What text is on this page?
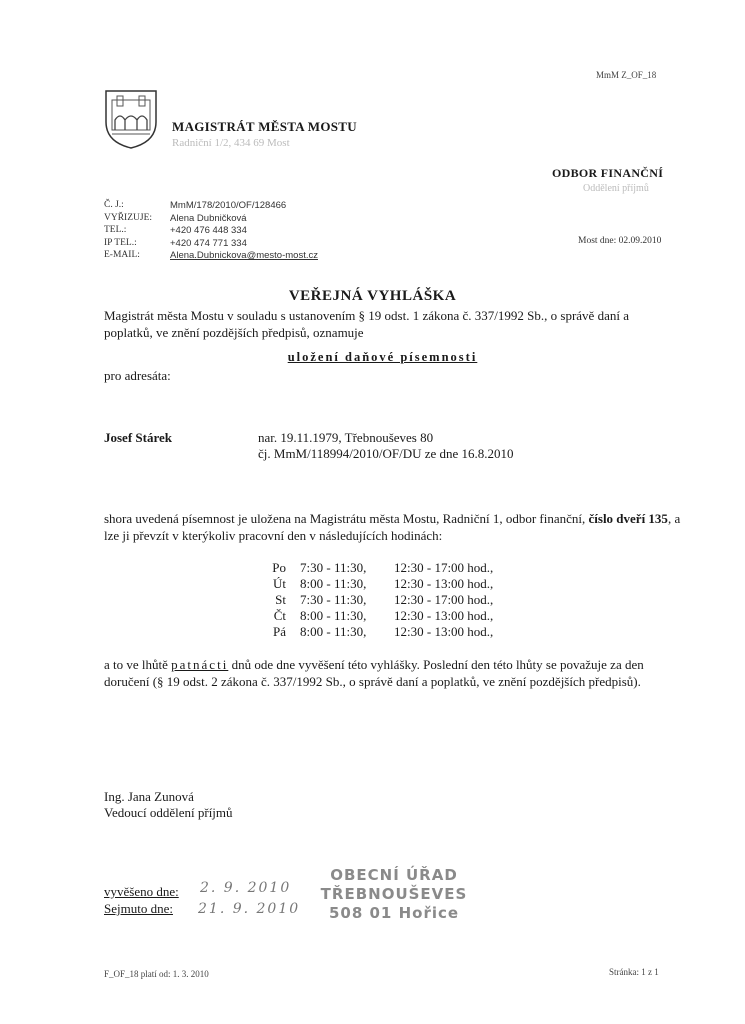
MmM Z_OF_18
MAGISTRÁT MĚSTA MOSTU
Radniční 1/2, 434 69 Most
ODBOR FINANČNÍ
Oddělení příjmů
Č. J.:	MmM/178/2010/OF/128466
VYŘIZUJE: Alena Dubničková
TEL.:	+420 476 448 334
IP TEL.:	+420 474 771 334
E-MAIL:	Alena.Dubnickova@mesto-most.cz
Most dne: 02.09.2010
VEŘEJNÁ VYHLÁŠKA
Magistrát města Mostu v souladu s ustanovením § 19 odst. 1 zákona č. 337/1992 Sb., o správě daní a poplatků, ve znění pozdějších předpisů, oznamuje
uložení daňové písemnosti
pro adresáta:
Josef Stárek	nar. 19.11.1979, Třebnouševes 80
čj. MmM/118994/2010/OF/DU ze dne 16.8.2010
shora uvedená písemnost je uložena na Magistrátu města Mostu, Radniční 1, odbor finanční, číslo dveří 135, a lze ji převzít v kterýkoliv pracovní den v následujících hodinách:
Po 7:30 - 11:30, 12:30 - 17:00 hod.,
Út 8:00 - 11:30, 12:30 - 13:00 hod.,
St 7:30 - 11:30, 12:30 - 17:00 hod.,
Čt 8:00 - 11:30, 12:30 - 13:00 hod.,
Pá 8:00 - 11:30, 12:30 - 13:00 hod.,
a to ve lhůtě patnácti dnů ode dne vyvěšení této vyhlášky. Poslední den této lhůty se považuje za den doručení (§ 19 odst. 2 zákona č. 337/1992 Sb., o správě daní a poplatků, ve znění pozdějších předpisů).
Ing. Jana Zunová
Vedoucí oddělení příjmů
vyvěšeno dne: 2. 9. 2010
Sejmuto dne: 21. 9. 2010
OBECNÍ ÚŘAD
TŘEBNOUŠEVES
508 01 Hořice
F_OF_18 platí od: 1. 3. 2010	Stránka: 1 z 1
